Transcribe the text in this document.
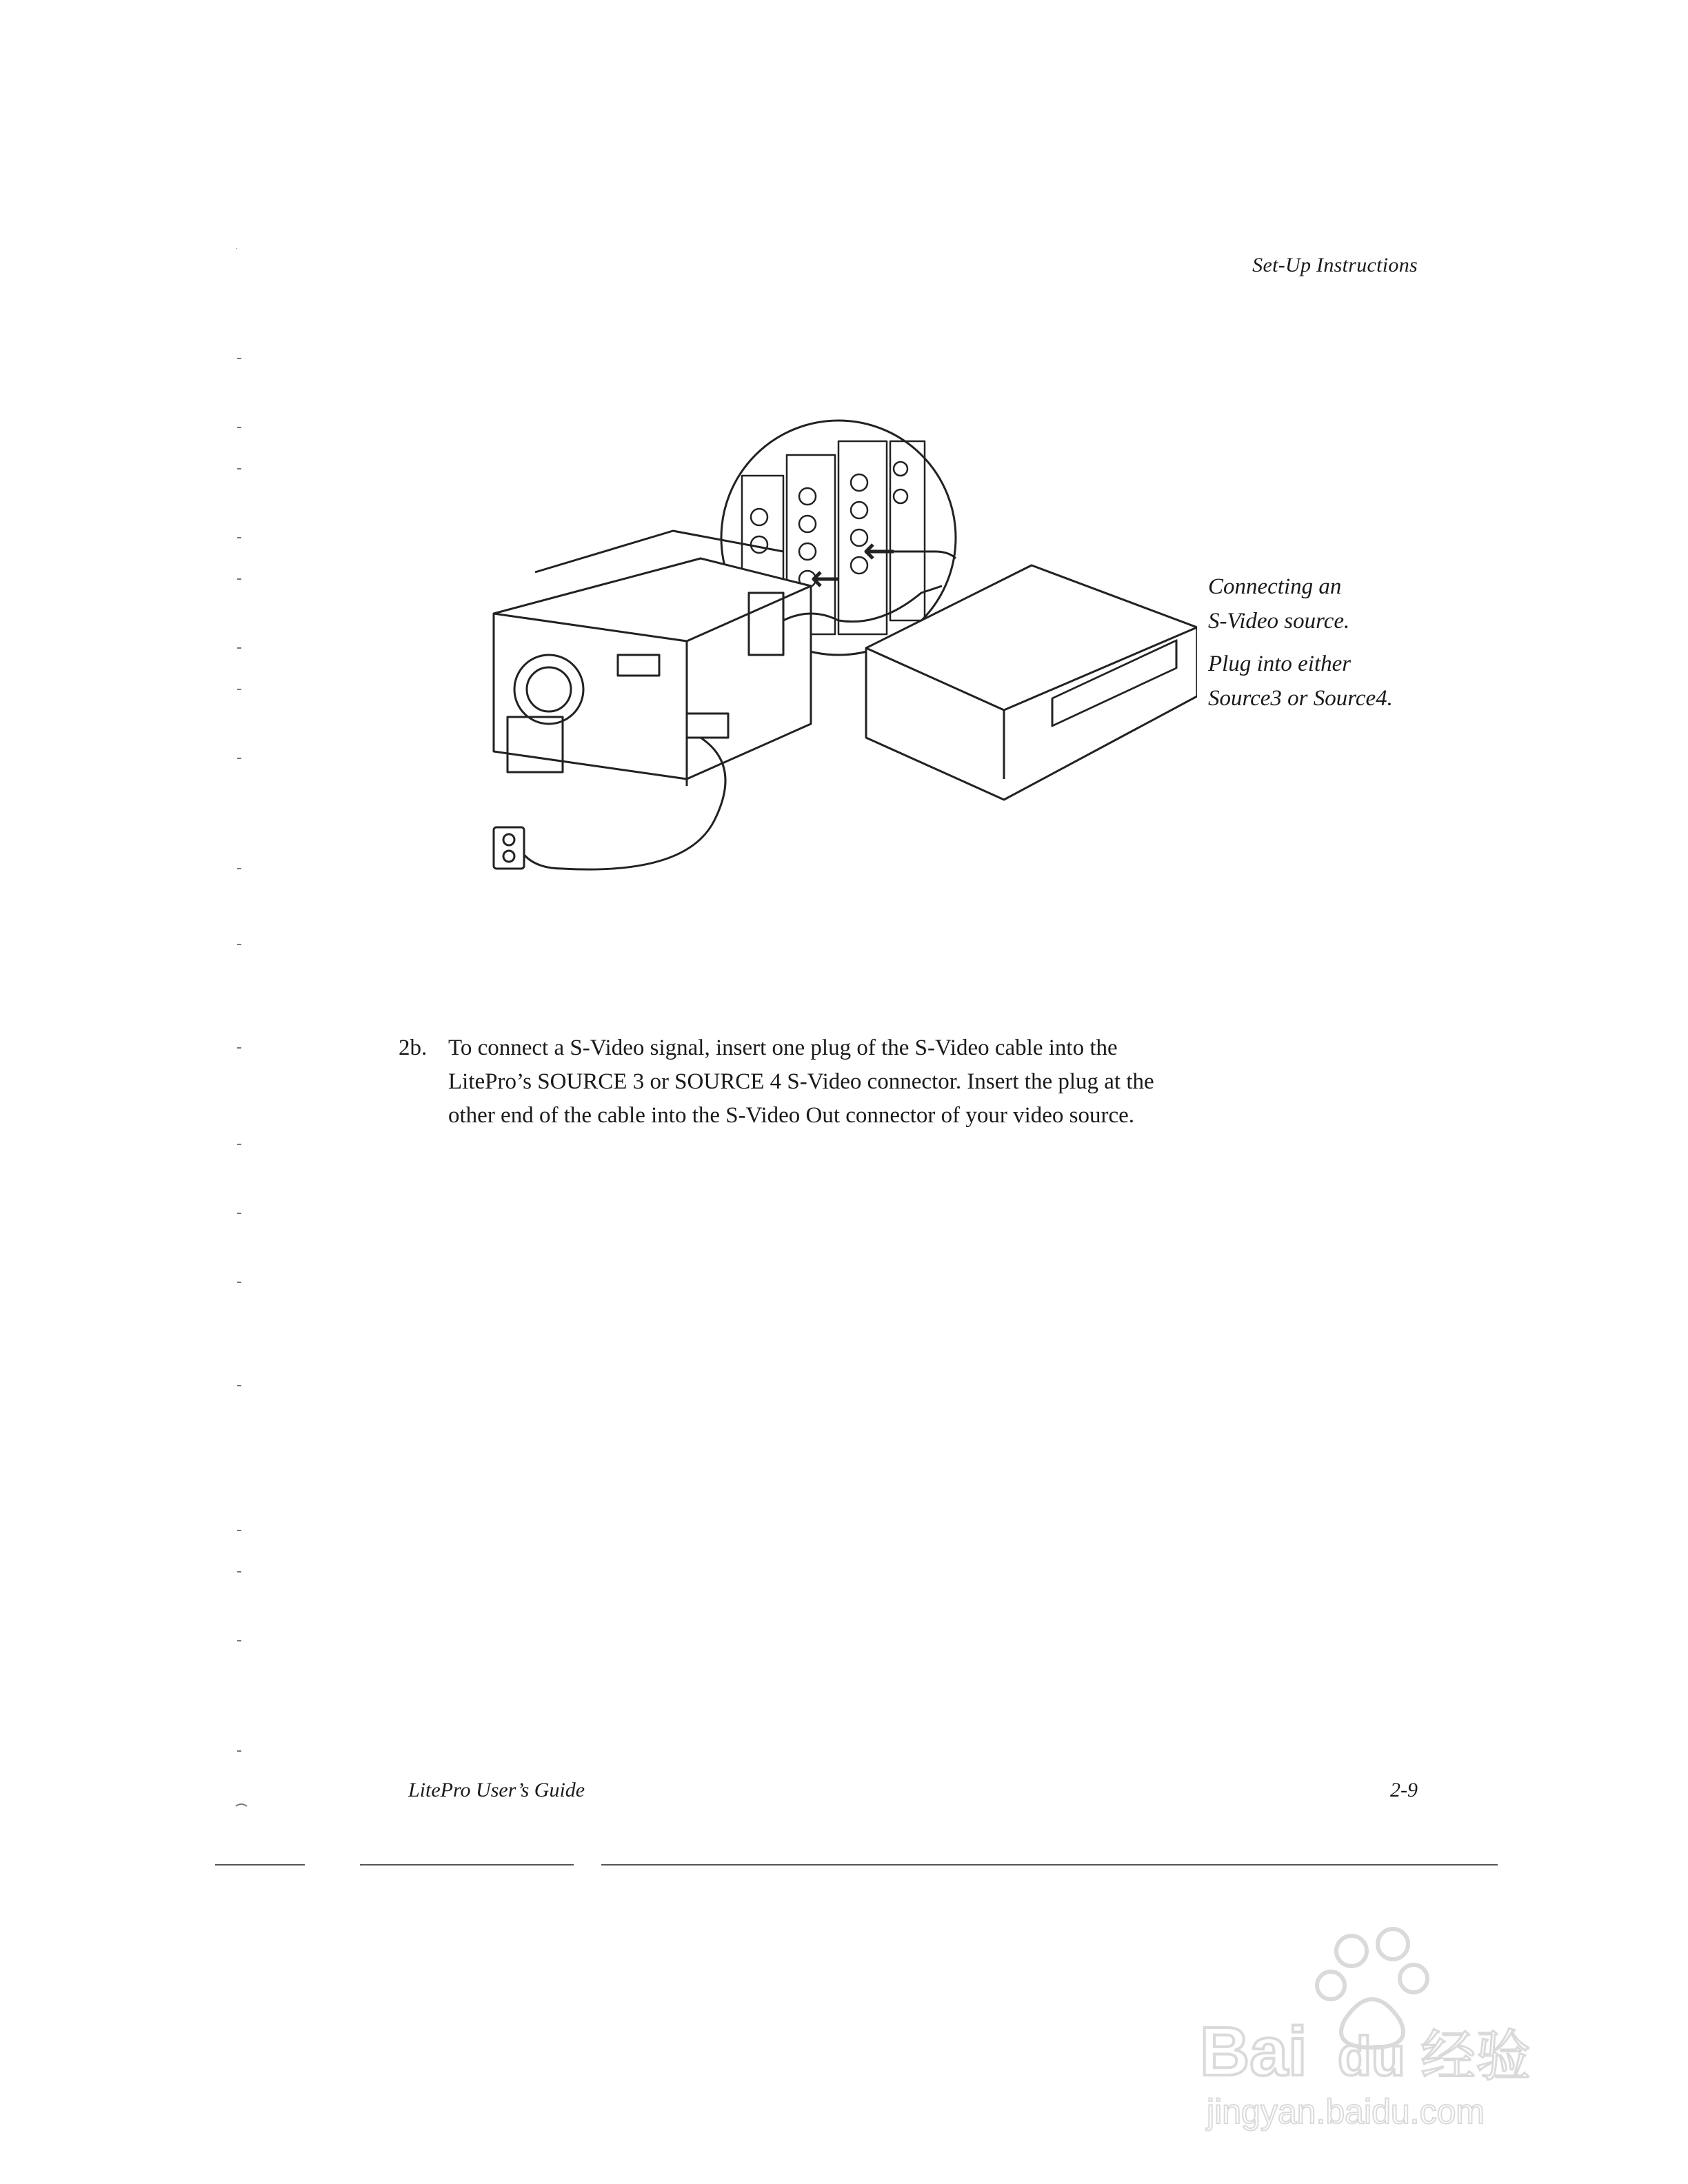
Set-Up Instructions

Connecting an
S-Video source.

Plug into either
Source3 or Source4.

2b. To connect a S-Video signal, insert one plug of the S-Video cable into the LitePro’s SOURCE 3 or SOURCE 4 S-Video connector. Insert the plug at the other end of the cable into the S-Video Out connector of your video source.
LitePro User’s Guide	2-9
Bai du 经验
jingyan.baidu.com
